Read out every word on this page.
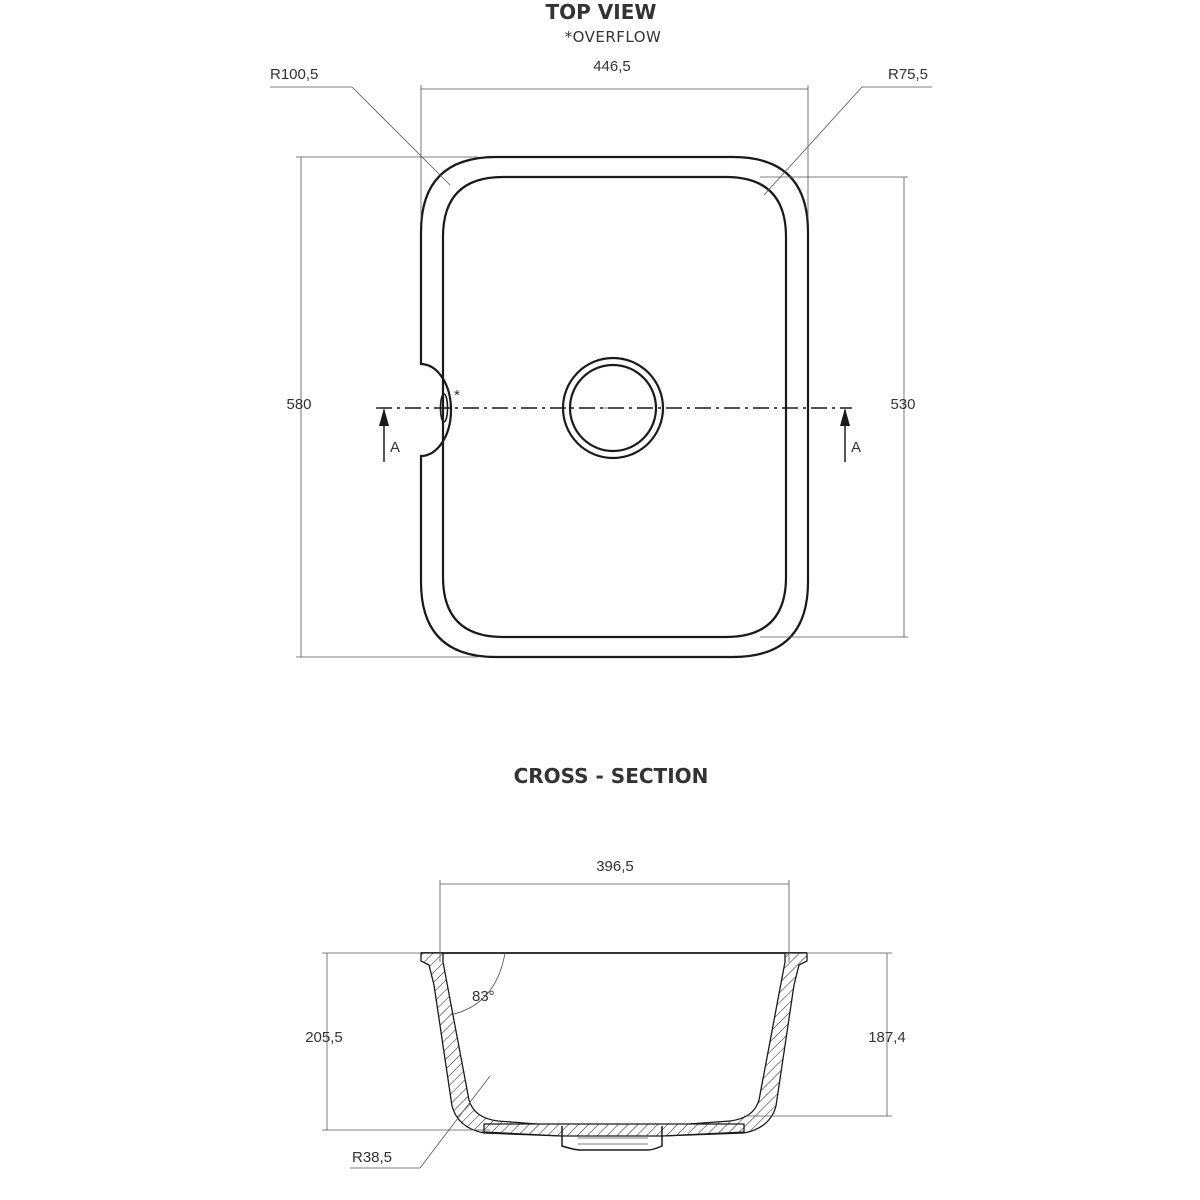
TOP VIEW
*OVERFLOW
*
A	A
446,5
580	530
R100,5	R75,5
CROSS - SECTION
396,5
205,5	187,4
83°
R38,5
